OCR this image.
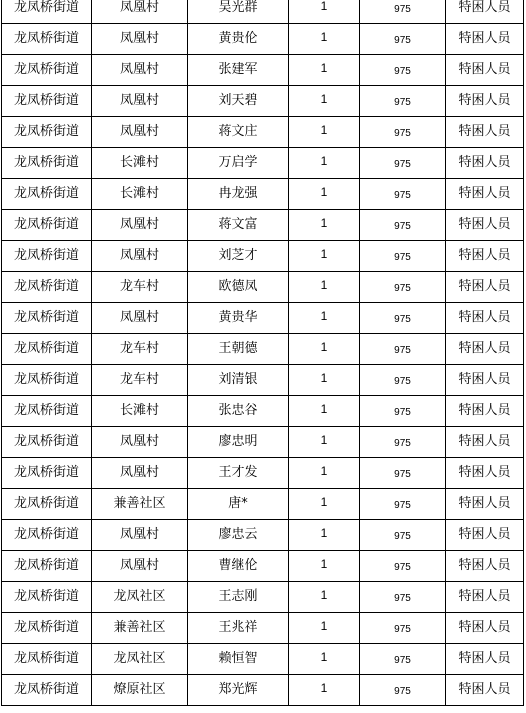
龙凤桥街道	凤凰村	吴光群	1	975	特困人员
龙凤桥街道	凤凰村	黄贵伦	1	975	特困人员
龙凤桥街道	凤凰村	张建军	1	975	特困人员
龙凤桥街道	凤凰村	刘天碧	1	975	特困人员
龙凤桥街道	凤凰村	蒋文庄	1	975	特困人员
龙凤桥街道	长滩村	万启学	1	975	特困人员
龙凤桥街道	长滩村	冉龙强	1	975	特困人员
龙凤桥街道	凤凰村	蒋文富	1	975	特困人员
龙凤桥街道	凤凰村	刘芝才	1	975	特困人员
龙凤桥街道	龙车村	欧德凤	1	975	特困人员
龙凤桥街道	凤凰村	黄贵华	1	975	特困人员
龙凤桥街道	龙车村	王朝德	1	975	特困人员
龙凤桥街道	龙车村	刘清银	1	975	特困人员
龙凤桥街道	长滩村	张忠谷	1	975	特困人员
龙凤桥街道	凤凰村	廖忠明	1	975	特困人员
龙凤桥街道	凤凰村	王才发	1	975	特困人员
龙凤桥街道	兼善社区	唐*	1	975	特困人员
龙凤桥街道	凤凰村	廖忠云	1	975	特困人员
龙凤桥街道	凤凰村	曹继伦	1	975	特困人员
龙凤桥街道	龙凤社区	王志刚	1	975	特困人员
龙凤桥街道	兼善社区	王兆祥	1	975	特困人员
龙凤桥街道	龙凤社区	赖恒智	1	975	特困人员
龙凤桥街道	燎原社区	郑光辉	1	975	特困人员
